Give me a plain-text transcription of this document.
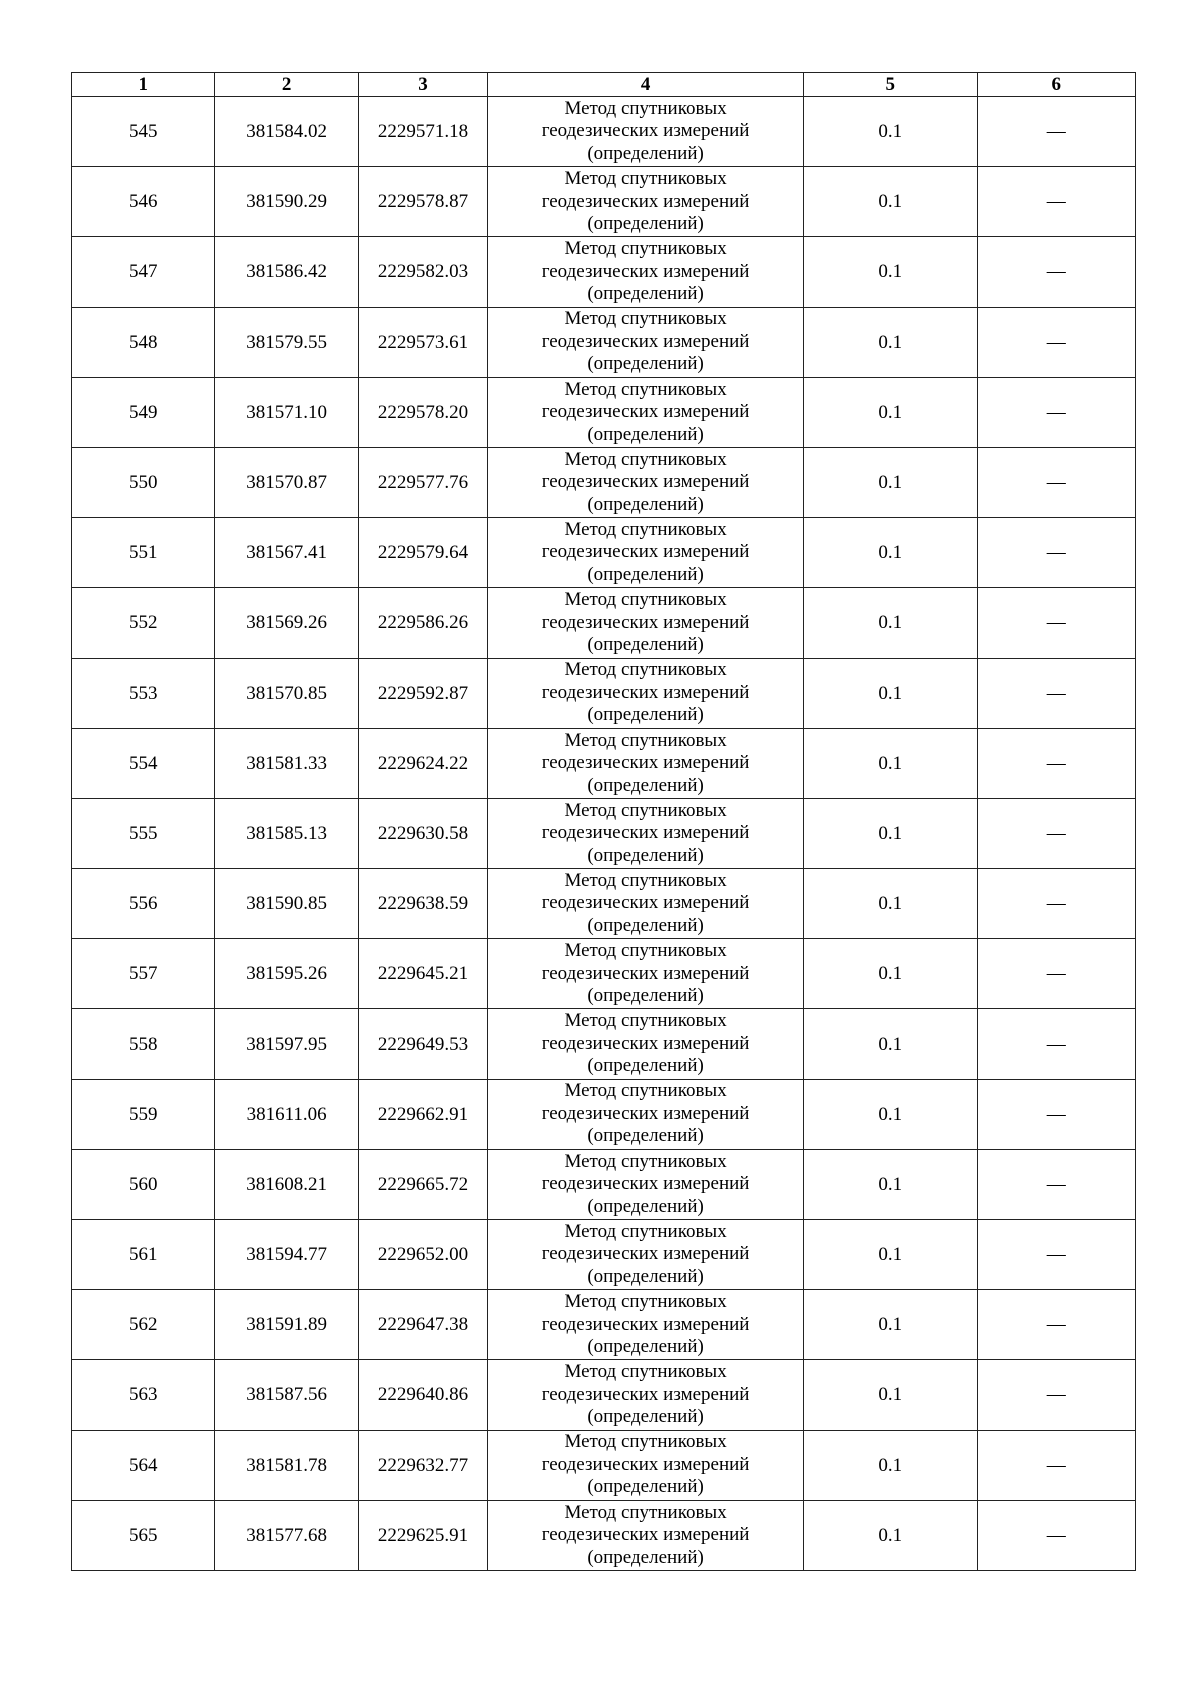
1	2	3	4	5	6
545	381584.02	2229571.18	Метод спутниковых
геодезических измерений
(определений)	0.1	—
546	381590.29	2229578.87	Метод спутниковых
геодезических измерений
(определений)	0.1	—
547	381586.42	2229582.03	Метод спутниковых
геодезических измерений
(определений)	0.1	—
548	381579.55	2229573.61	Метод спутниковых
геодезических измерений
(определений)	0.1	—
549	381571.10	2229578.20	Метод спутниковых
геодезических измерений
(определений)	0.1	—
550	381570.87	2229577.76	Метод спутниковых
геодезических измерений
(определений)	0.1	—
551	381567.41	2229579.64	Метод спутниковых
геодезических измерений
(определений)	0.1	—
552	381569.26	2229586.26	Метод спутниковых
геодезических измерений
(определений)	0.1	—
553	381570.85	2229592.87	Метод спутниковых
геодезических измерений
(определений)	0.1	—
554	381581.33	2229624.22	Метод спутниковых
геодезических измерений
(определений)	0.1	—
555	381585.13	2229630.58	Метод спутниковых
геодезических измерений
(определений)	0.1	—
556	381590.85	2229638.59	Метод спутниковых
геодезических измерений
(определений)	0.1	—
557	381595.26	2229645.21	Метод спутниковых
геодезических измерений
(определений)	0.1	—
558	381597.95	2229649.53	Метод спутниковых
геодезических измерений
(определений)	0.1	—
559	381611.06	2229662.91	Метод спутниковых
геодезических измерений
(определений)	0.1	—
560	381608.21	2229665.72	Метод спутниковых
геодезических измерений
(определений)	0.1	—
561	381594.77	2229652.00	Метод спутниковых
геодезических измерений
(определений)	0.1	—
562	381591.89	2229647.38	Метод спутниковых
геодезических измерений
(определений)	0.1	—
563	381587.56	2229640.86	Метод спутниковых
геодезических измерений
(определений)	0.1	—
564	381581.78	2229632.77	Метод спутниковых
геодезических измерений
(определений)	0.1	—
565	381577.68	2229625.91	Метод спутниковых
геодезических измерений
(определений)	0.1	—
